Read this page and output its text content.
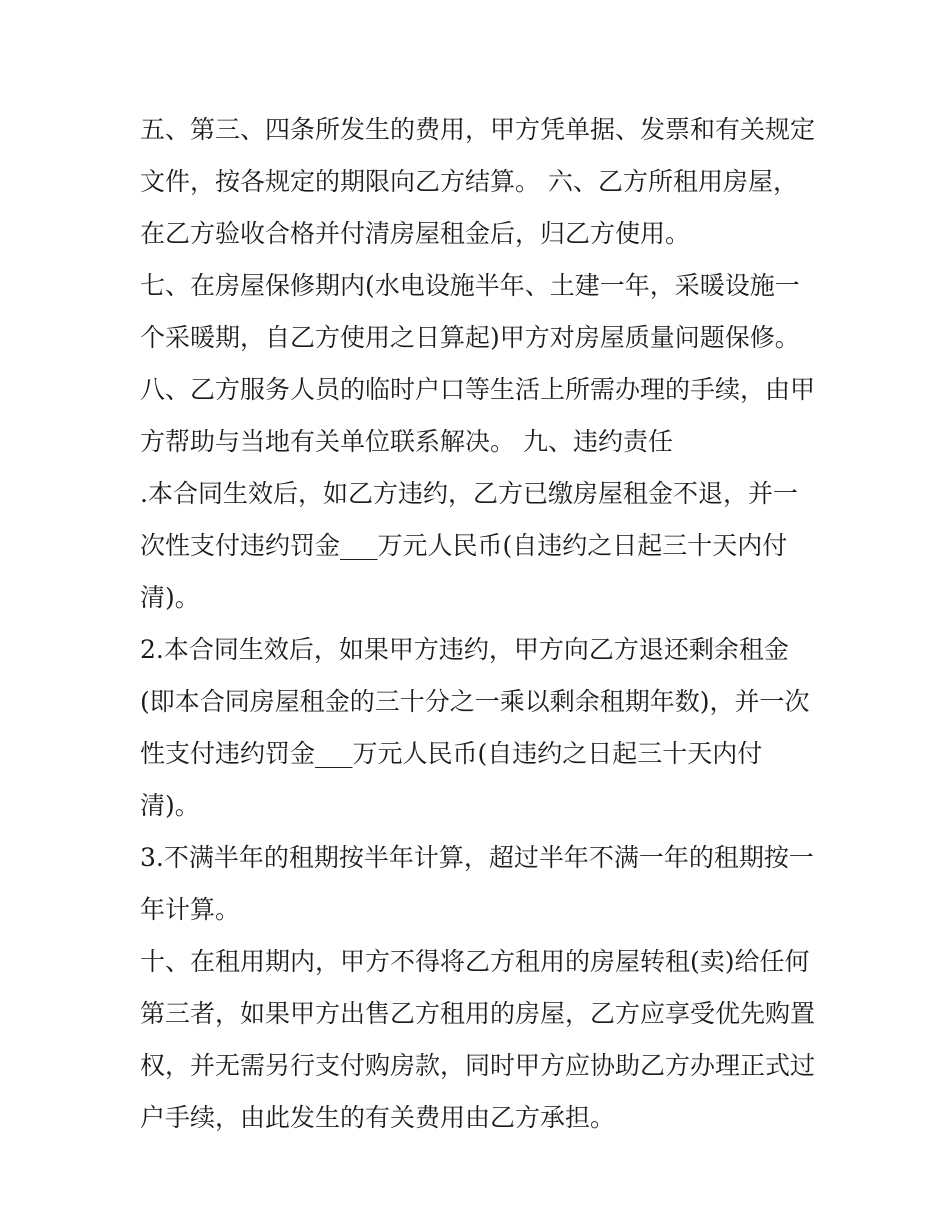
五、第三、四条所发生的费用，甲方凭单据、发票和有关规定
文件，按各规定的期限向乙方结算。 六、乙方所租用房屋，
在乙方验收合格并付清房屋租金后，归乙方使用。
七、在房屋保修期内(水电设施半年、土建一年，采暖设施一
个采暖期，自乙方使用之日算起)甲方对房屋质量问题保修。
八、乙方服务人员的临时户口等生活上所需办理的手续，由甲
方帮助与当地有关单位联系解决。 九、违约责任
.本合同生效后，如乙方违约，乙方已缴房屋租金不退，并一
次性支付违约罚金___万元人民币(自违约之日起三十天内付
清)。
2.本合同生效后，如果甲方违约，甲方向乙方退还剩余租金
(即本合同房屋租金的三十分之一乘以剩余租期年数)，并一次
性支付违约罚金___万元人民币(自违约之日起三十天内付
清)。
3.不满半年的租期按半年计算，超过半年不满一年的租期按一
年计算。
十、在租用期内，甲方不得将乙方租用的房屋转租(卖)给任何
第三者，如果甲方出售乙方租用的房屋，乙方应享受优先购置
权，并无需另行支付购房款，同时甲方应协助乙方办理正式过
户手续，由此发生的有关费用由乙方承担。
